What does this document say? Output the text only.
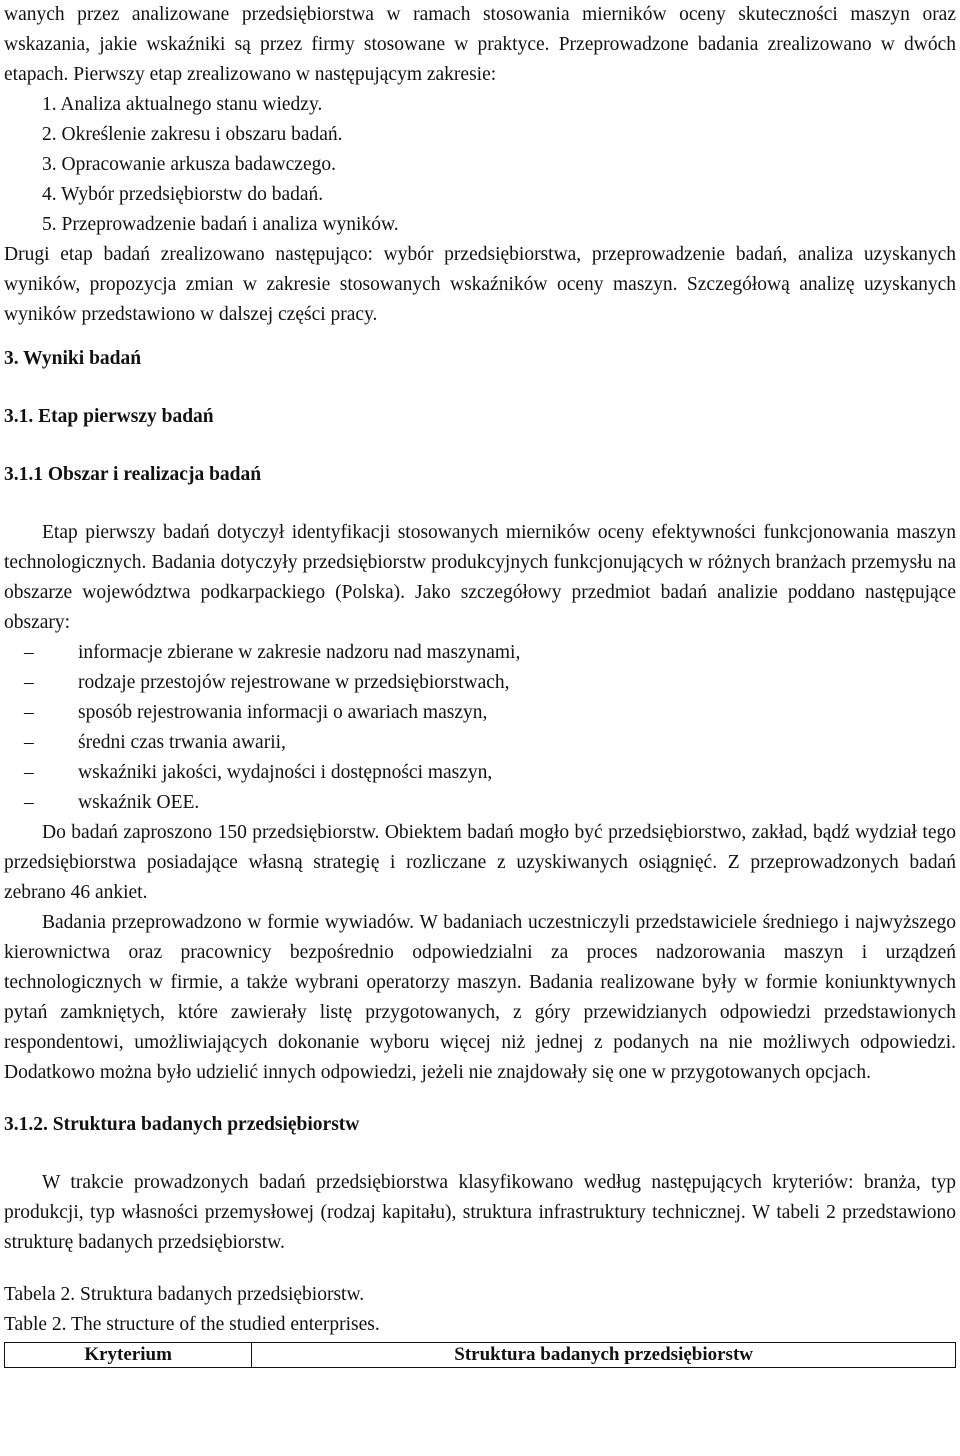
wanych przez analizowane przedsiębiorstwa w ramach stosowania mierników oceny skuteczności maszyn oraz wskazania, jakie wskaźniki są przez firmy stosowane w praktyce. Przeprowadzone badania zrealizowano w dwóch etapach. Pierwszy etap zrealizowano w następującym zakresie:

1. Analiza aktualnego stanu wiedzy.
2. Określenie zakresu i obszaru badań.
3. Opracowanie arkusza badawczego.
4. Wybór przedsiębiorstw do badań.
5. Przeprowadzenie badań i analiza wyników.

Drugi etap badań zrealizowano następująco: wybór przedsiębiorstwa, przeprowadzenie badań, analiza uzyskanych wyników, propozycja zmian w zakresie stosowanych wskaźników oceny maszyn. Szczegółową analizę uzyskanych wyników przedstawiono w dalszej części pracy.

3. Wyniki badań

3.1. Etap pierwszy badań

3.1.1 Obszar i realizacja badań

Etap pierwszy badań dotyczył identyfikacji stosowanych mierników oceny efektywności funkcjonowania maszyn technologicznych. Badania dotyczyły przedsiębiorstw produkcyjnych funkcjonujących w różnych branżach przemysłu na obszarze województwa podkarpackiego (Polska). Jako szczegółowy przedmiot badań analizie poddano następujące obszary:

– informacje zbierane w zakresie nadzoru nad maszynami,
– rodzaje przestojów rejestrowane w przedsiębiorstwach,
– sposób rejestrowania informacji o awariach maszyn,
– średni czas trwania awarii,
– wskaźniki jakości, wydajności i dostępności maszyn,
– wskaźnik OEE.

Do badań zaproszono 150 przedsiębiorstw. Obiektem badań mogło być przedsiębiorstwo, zakład, bądź wydział tego przedsiębiorstwa posiadające własną strategię i rozliczane z uzyskiwanych osiągnięć. Z przeprowadzonych badań zebrano 46 ankiet.

Badania przeprowadzono w formie wywiadów. W badaniach uczestniczyli przedstawiciele średniego i najwyższego kierownictwa oraz pracownicy bezpośrednio odpowiedzialni za proces nadzorowania maszyn i urządzeń technologicznych w firmie, a także wybrani operatorzy maszyn. Badania realizowane były w formie koniunktywnych pytań zamkniętych, które zawierały listę przygotowanych, z góry przewidzianych odpowiedzi przedstawionych respondentowi, umożliwiających dokonanie wyboru więcej niż jednej z podanych na nie możliwych odpowiedzi. Dodatkowo można było udzielić innych odpowiedzi, jeżeli nie znajdowały się one w przygotowanych opcjach.

3.1.2. Struktura badanych przedsiębiorstw

W trakcie prowadzonych badań przedsiębiorstwa klasyfikowano według następujących kryteriów: branża, typ produkcji, typ własności przemysłowej (rodzaj kapitału), struktura infrastruktury technicznej. W tabeli 2 przedstawiono strukturę badanych przedsiębiorstw.

Tabela 2. Struktura badanych przedsiębiorstw.

Table 2. The structure of the studied enterprises.

Kryterium	Struktura badanych przedsiębiorstw
